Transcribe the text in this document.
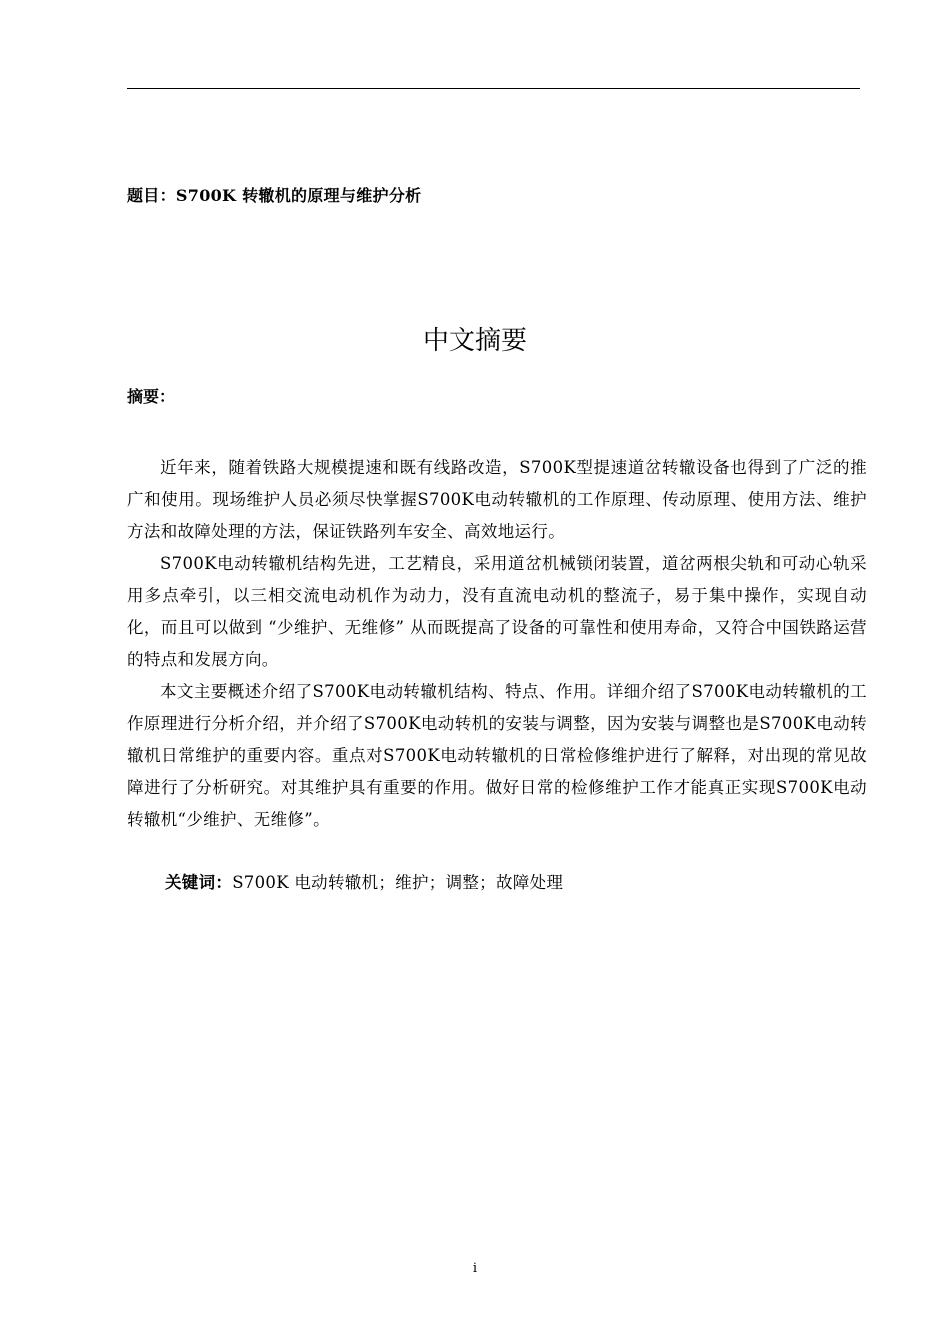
题目：S700K 转辙机的原理与维护分析
中文摘要
摘要：

近年来，随着铁路大规模提速和既有线路改造，S700K型提速道岔转辙设备也得到了广泛的推广和使用。现场维护人员必须尽快掌握S700K电动转辙机的工作原理、传动原理、使用方法、维护方法和故障处理的方法，保证铁路列车安全、高效地运行。

S700K电动转辙机结构先进，工艺精良，采用道岔机械锁闭装置，道岔两根尖轨和可动心轨采用多点牵引，以三相交流电动机作为动力，没有直流电动机的整流子，易于集中操作，实现自动化，而且可以做到 “少维护、无维修” 从而既提高了设备的可靠性和使用寿命，又符合中国铁路运营的特点和发展方向。

本文主要概述介绍了S700K电动转辙机结构、特点、作用。详细介绍了S700K电动转辙机的工作原理进行分析介绍，并介绍了S700K电动转机的安装与调整，因为安装与调整也是S700K电动转辙机日常维护的重要内容。重点对S700K电动转辙机的日常检修维护进行了解释，对出现的常见故障进行了分析研究。对其维护具有重要的作用。做好日常的检修维护工作才能真正实现S700K电动转辙机“少维护、无维修”。

关键词：S700K 电动转辙机；维护；调整；故障处理
i
